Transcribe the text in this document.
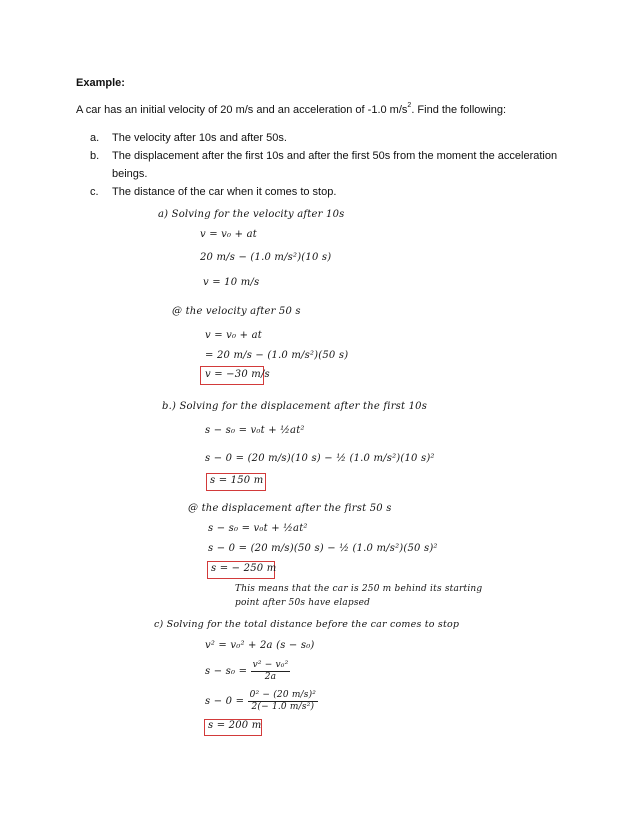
Example:
A car has an initial velocity of 20 m/s and an acceleration of -1.0 $m/s^2$. Find the following:
a. The velocity after 10s and after 50s.
b. The displacement after the first 10s and after the first 50s from the moment the acceleration
beings.
c. The distance of the car when it comes to stop.
a) Solving for the velocity after 10s
v = v₀ + at
20 m/s − (1.0 m/s²)(10 s)
v = 10 m/s
@ the velocity after 50 s
v = v₀ + at
= 20 m/s − (1.0 m/s²)(50 s)
v = −30 m/s
b.) Solving for the displacement after the first 10s
s − s₀ = v₀t + ½at²
s − 0 = (20 m/s)(10 s) − ½ (1.0 m/s²)(10 s)²
s = 150 m
@ the displacement after the first 50 s
s − s₀ = v₀t + ½at²
s − 0 = (20 m/s)(50 s) − ½ (1.0 m/s²)(50 s)²
s = − 250 m
This means that the car is 250 m behind its starting
point after 50s have elapsed
c) Solving for the total distance before the car comes to stop
v² = v₀² + 2a (s − s₀)
$s - s_0 = \frac{\text{v² − v₀²}}{2a}$
$s - 0 = \frac{\text{0² − (20 m/s)²}}{\text{2(− 1.0 m/s²)}}$
s = 200 m
